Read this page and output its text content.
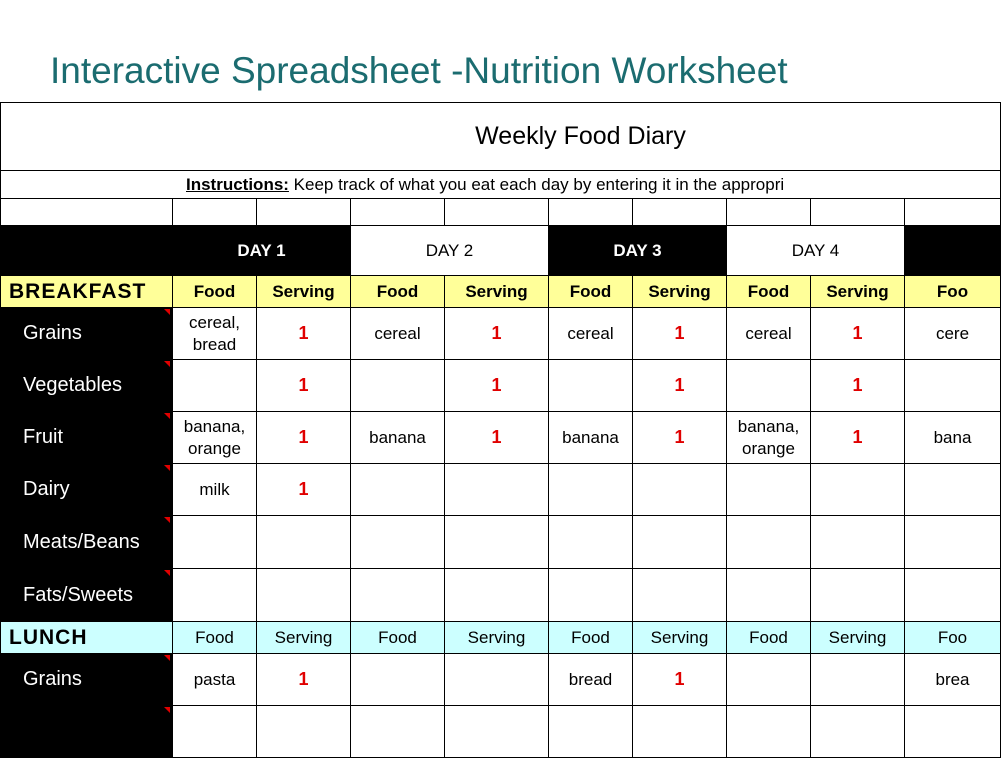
Interactive Spreadsheet -Nutrition Worksheet
Weekly Food Diary									
Instructions: Keep track of what you eat each day by entering it in the appropri									

	DAY 1		DAY 2		DAY 3		DAY 4		
BREAKFAST	Food	Serving	Food	Serving	Food	Serving	Food	Serving	Foo
Grains	cereal,
bread	1	cereal	1	cereal	1	cereal	1	cere
Vegetables		1		1		1		1	
Fruit	banana,
orange	1	banana	1	banana	1	banana,
orange	1	bana
Dairy	milk	1							
Meats/Beans

Fats/Sweets

LUNCH	Food	Serving	Food	Serving	Food	Serving	Food	Serving	Foo
Grains	pasta	1			bread	1			brea
